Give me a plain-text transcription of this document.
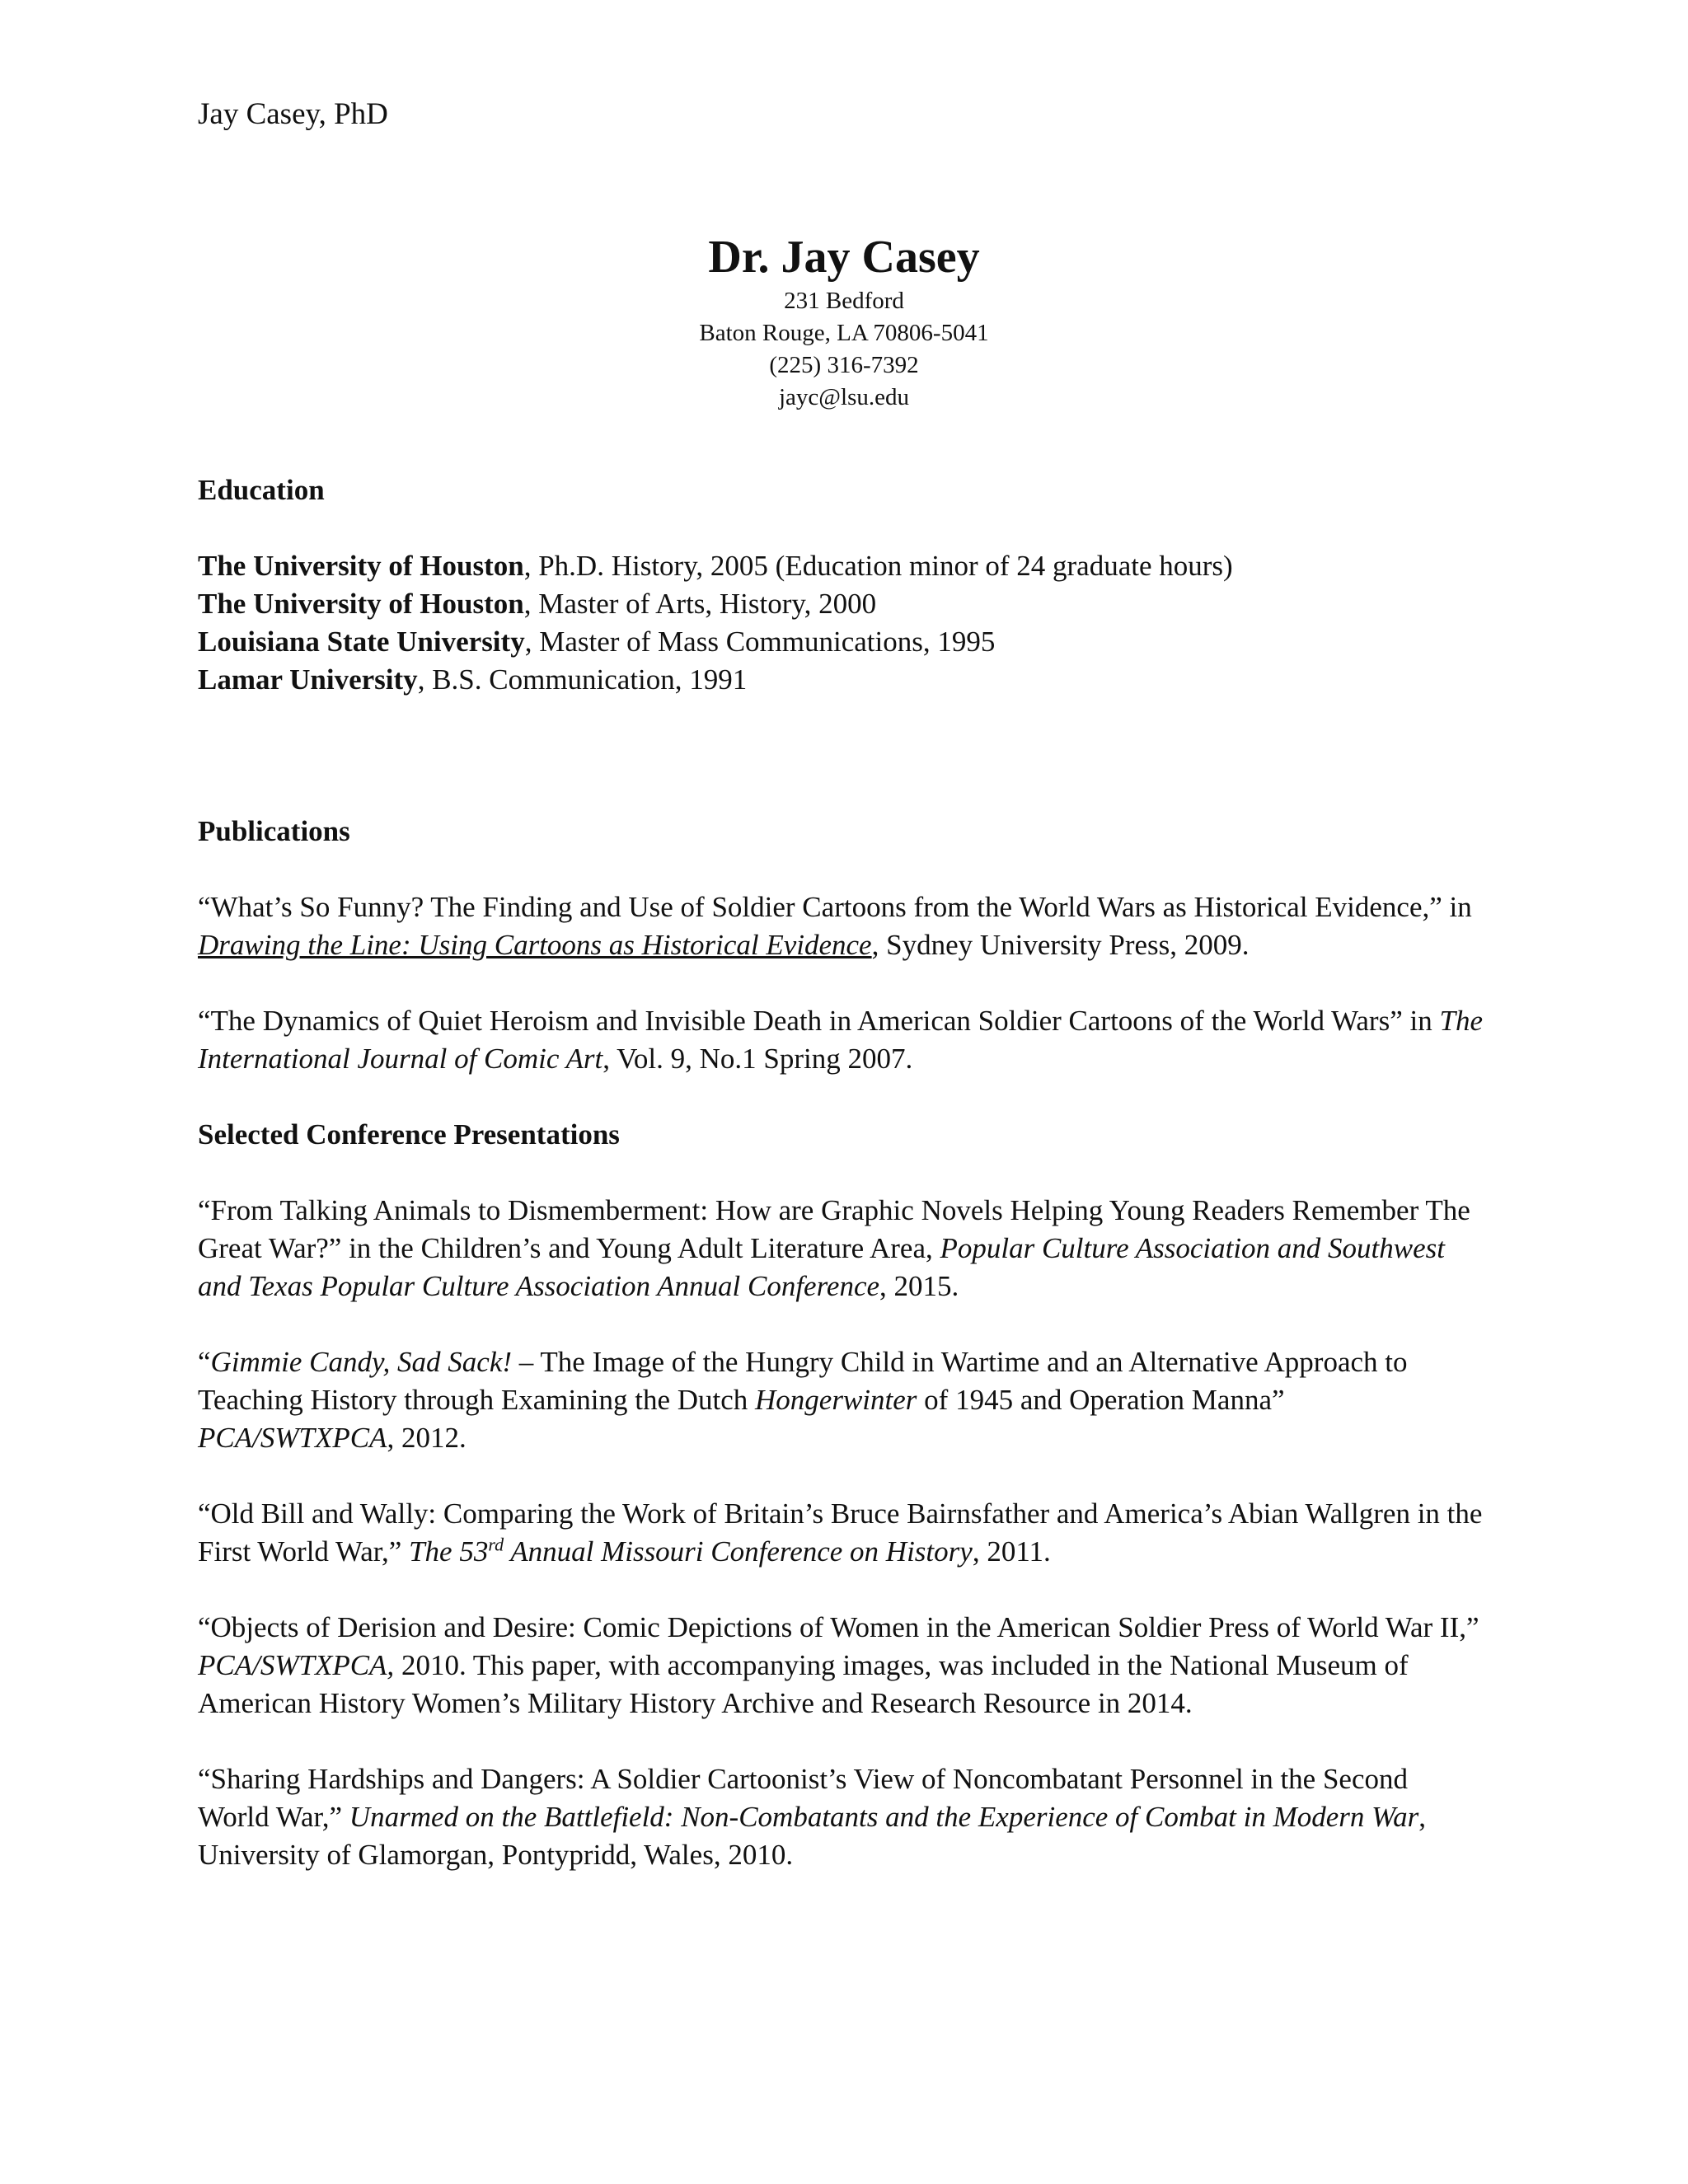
Jay Casey, PhD
Dr. Jay Casey
231 Bedford
Baton Rouge, LA 70806-5041
(225) 316-7392
jayc@lsu.edu
Education
The University of Houston, Ph.D. History, 2005 (Education minor of 24 graduate hours)
The University of Houston, Master of Arts, History, 2000
Louisiana State University, Master of Mass Communications, 1995
Lamar University, B.S. Communication, 1991
Publications

“What’s So Funny? The Finding and Use of Soldier Cartoons from the World Wars as Historical Evidence,” in Drawing the Line: Using Cartoons as Historical Evidence, Sydney University Press, 2009.

“The Dynamics of Quiet Heroism and Invisible Death in American Soldier Cartoons of the World Wars” in The International Journal of Comic Art, Vol. 9, No.1 Spring 2007.

Selected Conference Presentations

“From Talking Animals to Dismemberment: How are Graphic Novels Helping Young Readers Remember The Great War?” in the Children’s and Young Adult Literature Area, Popular Culture Association and Southwest and Texas Popular Culture Association Annual Conference, 2015.

“Gimmie Candy, Sad Sack! – The Image of the Hungry Child in Wartime and an Alternative Approach to Teaching History through Examining the Dutch Hongerwinter of 1945 and Operation Manna” PCA/SWTXPCA, 2012.

“Old Bill and Wally: Comparing the Work of Britain’s Bruce Bairnsfather and America’s Abian Wallgren in the First World War,” The 53rd Annual Missouri Conference on History, 2011.

“Objects of Derision and Desire: Comic Depictions of Women in the American Soldier Press of World War II,” PCA/SWTXPCA, 2010. This paper, with accompanying images, was included in the National Museum of American History Women’s Military History Archive and Research Resource in 2014.

“Sharing Hardships and Dangers: A Soldier Cartoonist’s View of Noncombatant Personnel in the Second World War,” Unarmed on the Battlefield: Non-Combatants and the Experience of Combat in Modern War, University of Glamorgan, Pontypridd, Wales, 2010.
